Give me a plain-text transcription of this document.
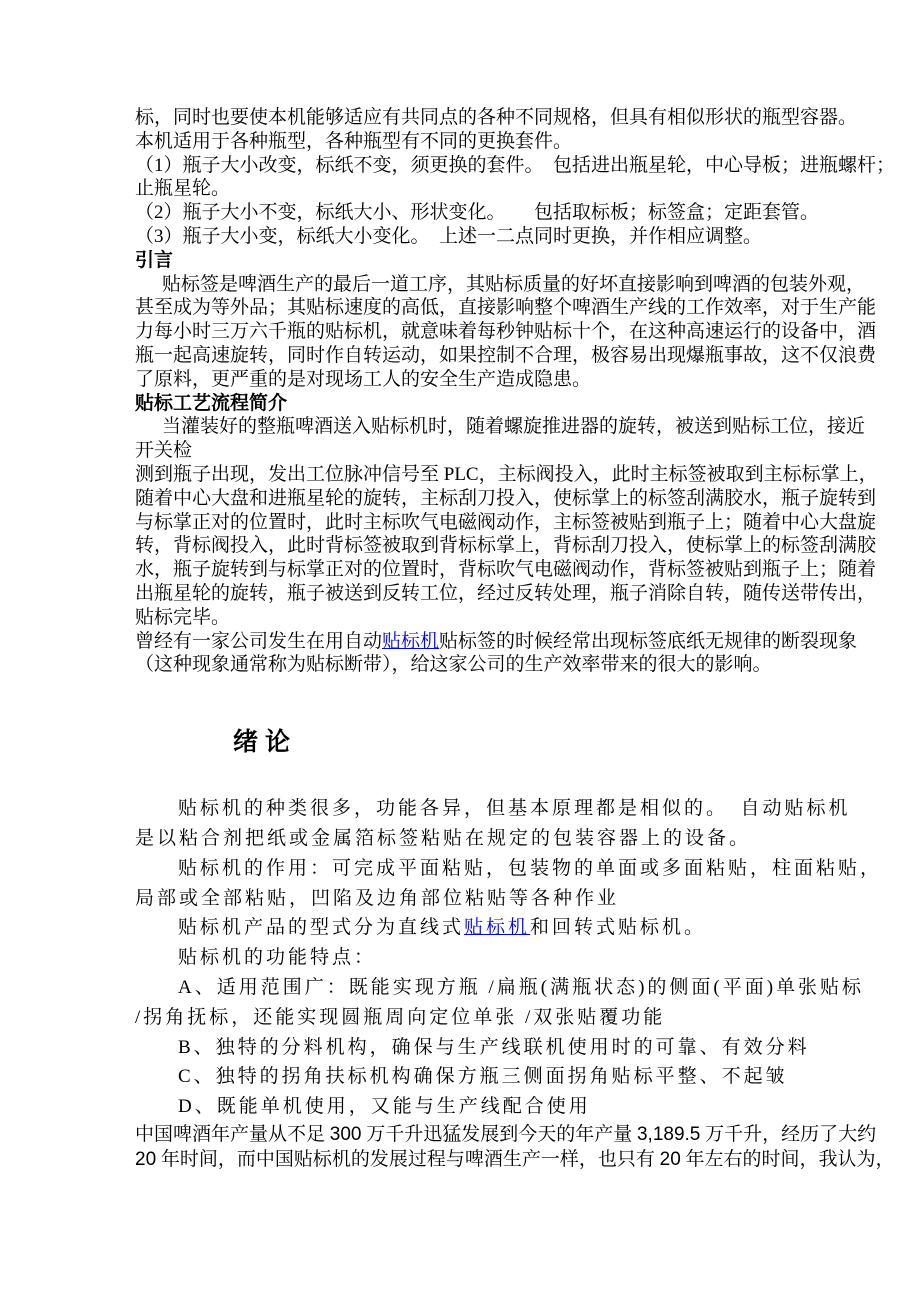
标，同时也要使本机能够适应有共同点的各种不同规格，但具有相似形状的瓶型容器。
本机适用于各种瓶型，各种瓶型有不同的更换套件。
（1）瓶子大小改变，标纸不变，须更换的套件。　包括进出瓶星轮，中心导板；进瓶螺杆；
止瓶星轮。
（2）瓶子大小不变，标纸大小、形状变化。　　包括取标板；标签盒；定距套管。
（3）瓶子大小变，标纸大小变化。　上述一二点同时更换，并作相应调整。
引言
贴标签是啤酒生产的最后一道工序，其贴标质量的好坏直接影响到啤酒的包装外观，
甚至成为等外品；其贴标速度的高低，直接影响整个啤酒生产线的工作效率，对于生产能
力每小时三万六千瓶的贴标机，就意味着每秒钟贴标十个，在这种高速运行的设备中，酒
瓶一起高速旋转，同时作自转运动，如果控制不合理，极容易出现爆瓶事故，这不仅浪费
了原料，更严重的是对现场工人的安全生产造成隐患。
贴标工艺流程简介
当灌装好的整瓶啤酒送入贴标机时，随着螺旋推进器的旋转，被送到贴标工位，接近
开关检
测到瓶子出现，发出工位脉冲信号至 PLC，主标阀投入，此时主标签被取到主标标掌上，
随着中心大盘和进瓶星轮的旋转，主标刮刀投入，使标掌上的标签刮满胶水，瓶子旋转到
与标掌正对的位置时，此时主标吹气电磁阀动作，主标签被贴到瓶子上；随着中心大盘旋
转，背标阀投入，此时背标签被取到背标标掌上，背标刮刀投入，使标掌上的标签刮满胶
水，瓶子旋转到与标掌正对的位置时，背标吹气电磁阀动作，背标签被贴到瓶子上；随着
出瓶星轮的旋转，瓶子被送到反转工位，经过反转处理，瓶子消除自转，随传送带传出，
贴标完毕。
曾经有一家公司发生在用自动贴标机贴标签的时候经常出现标签底纸无规律的断裂现象
（这种现象通常称为贴标断带），给这家公司的生产效率带来的很大的影响。
绪论
贴标机的种类很多，功能各异，但基本原理都是相似的。　自动贴标机
是以粘合剂把纸或金属箔标签粘贴在规定的包装容器上的设备。
贴标机的作用：可完成平面粘贴，包装物的单面或多面粘贴，柱面粘贴，
局部或全部粘贴，凹陷及边角部位粘贴等各种作业
贴标机产品的型式分为直线式贴标机和回转式贴标机。
贴标机的功能特点：
A、适用范围广：既能实现方瓶 /扁瓶(满瓶状态)的侧面(平面)单张贴标
/拐角抚标，还能实现圆瓶周向定位单张 /双张贴覆功能
B、独特的分料机构，确保与生产线联机使用时的可靠、有效分料
C、独特的拐角扶标机构确保方瓶三侧面拐角贴标平整、不起皱
D、既能单机使用，又能与生产线配合使用
中国啤酒年产量从不足 300 万千升迅猛发展到今天的年产量 3,189.5 万千升，经历了大约
20 年时间，而中国贴标机的发展过程与啤酒生产一样，也只有 20 年左右的时间，我认为，
